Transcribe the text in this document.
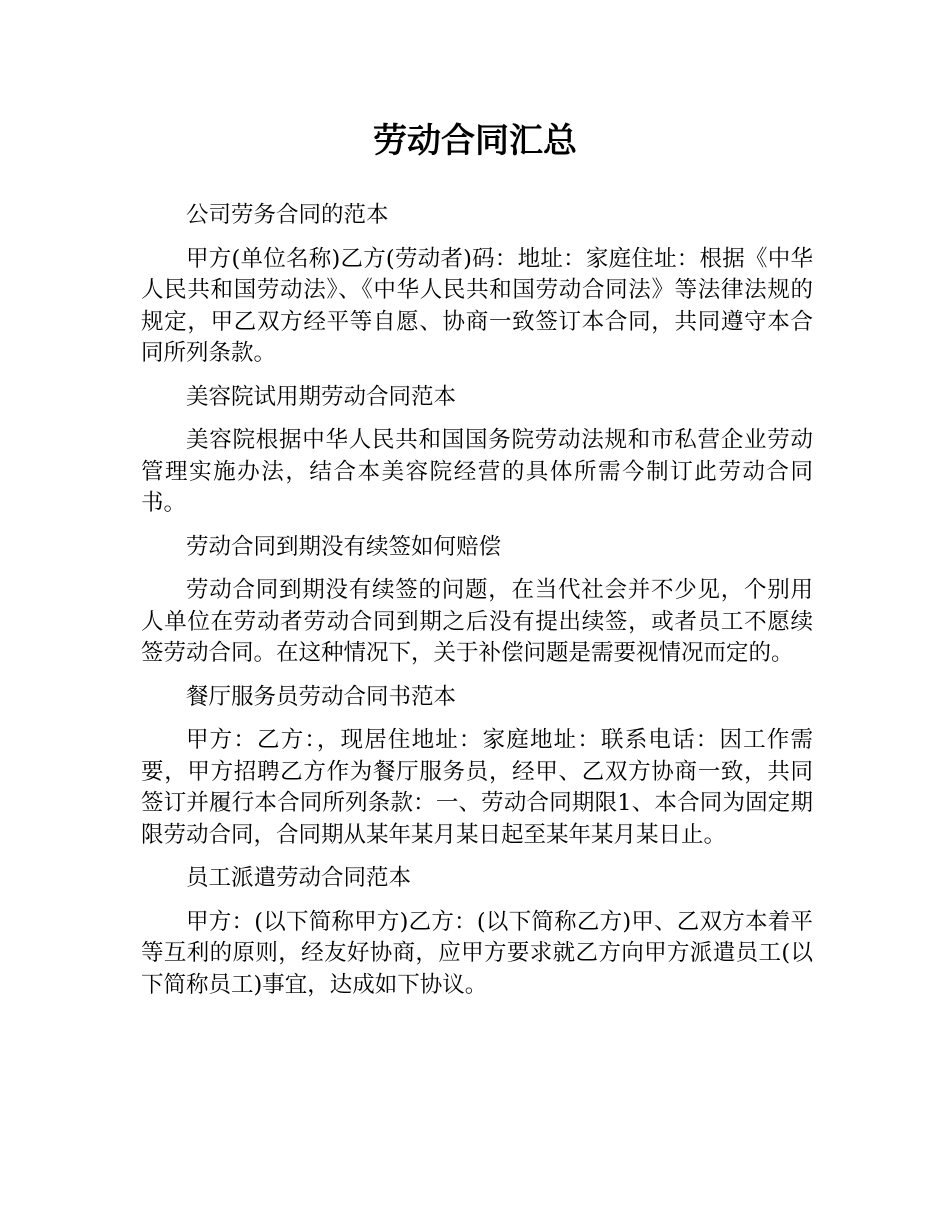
劳动合同汇总

公司劳务合同的范本

甲方(单位名称)乙方(劳动者)码：地址：家庭住址：根据《中华人民共和国劳动法》、《中华人民共和国劳动合同法》等法律法规的规定，甲乙双方经平等自愿、协商一致签订本合同，共同遵守本合同所列条款。

美容院试用期劳动合同范本

美容院根据中华人民共和国国务院劳动法规和市私营企业劳动管理实施办法，结合本美容院经营的具体所需今制订此劳动合同书。

劳动合同到期没有续签如何赔偿

劳动合同到期没有续签的问题，在当代社会并不少见，个别用人单位在劳动者劳动合同到期之后没有提出续签，或者员工不愿续签劳动合同。在这种情况下，关于补偿问题是需要视情况而定的。

餐厅服务员劳动合同书范本

甲方：乙方：，现居住地址：家庭地址：联系电话：因工作需要，甲方招聘乙方作为餐厅服务员，经甲、乙双方协商一致，共同签订并履行本合同所列条款：一、劳动合同期限1、本合同为固定期限劳动合同，合同期从某年某月某日起至某年某月某日止。

员工派遣劳动合同范本

甲方：(以下简称甲方)乙方：(以下简称乙方)甲、乙双方本着平等互利的原则，经友好协商，应甲方要求就乙方向甲方派遣员工(以下简称员工)事宜，达成如下协议。
